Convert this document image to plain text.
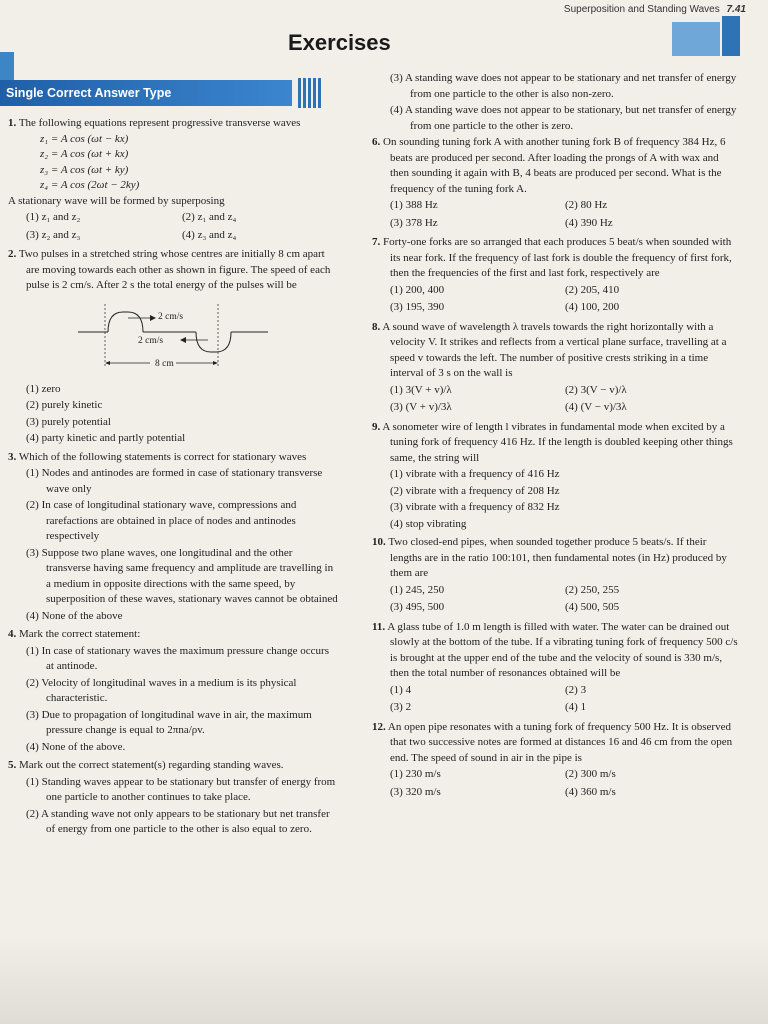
Superposition and Standing Waves 7.41
Exercises
Single Correct Answer Type
1. The following equations represent progressive transverse waves
z₁ = A cos (ωt − kx)
z₂ = A cos (ωt + kx)
z₃ = A cos (ωt + ky)
z₄ = A cos (2ωt − 2ky)
A stationary wave will be formed by superposing
(1) z₁ and z₂	(2) z₁ and z₄
(3) z₂ and z₃	(4) z₃ and z₄
2. Two pulses in a stretched string whose centres are initially 8 cm apart are moving towards each other as shown in figure. The speed of each pulse is 2 cm/s. After 2 s the total energy of the pulses will be
2 cm/s
2 cm/s
8 cm
(1) zero
(2) purely kinetic
(3) purely potential
(4) party kinetic and partly potential
3. Which of the following statements is correct for stationary waves
(1) Nodes and antinodes are formed in case of stationary transverse wave only
(2) In case of longitudinal stationary wave, compressions and rarefactions are obtained in place of nodes and antinodes respectively
(3) Suppose two plane waves, one longitudinal and the other transverse having same frequency and amplitude are travelling in a medium in opposite directions with the same speed, by superposition of these waves, stationary waves cannot be obtained
(4) None of the above
4. Mark the correct statement:
(1) In case of stationary waves the maximum pressure change occurs at antinode.
(2) Velocity of longitudinal waves in a medium is its physical characteristic.
(3) Due to propagation of longitudinal wave in air, the maximum pressure change is equal to 2πna/ρv.
(4) None of the above.
5. Mark out the correct statement(s) regarding standing waves.
(1) Standing waves appear to be stationary but transfer of energy from one particle to another continues to take place.
(2) A standing wave not only appears to be stationary but net transfer of energy from one particle to the other is also equal to zero.
(3) A standing wave does not appear to be stationary and net transfer of energy from one particle to the other is also non-zero.
(4) A standing wave does not appear to be stationary, but net transfer of energy from one particle to the other is zero.
6. On sounding tuning fork A with another tuning fork B of frequency 384 Hz, 6 beats are produced per second. After loading the prongs of A with wax and then sounding it again with B, 4 beats are produced per second. What is the frequency of the tuning fork A.
(1) 388 Hz	(2) 80 Hz
(3) 378 Hz	(4) 390 Hz
7. Forty-one forks are so arranged that each produces 5 beat/s when sounded with its near fork. If the frequency of last fork is double the frequency of first fork, then the frequencies of the first and last fork, respectively are
(1) 200, 400	(2) 205, 410
(3) 195, 390	(4) 100, 200
8. A sound wave of wavelength λ travels towards the right horizontally with a velocity V. It strikes and reflects from a vertical plane surface, travelling at a speed v towards the left. The number of positive crests striking in a time interval of 3 s on the wall is
(1) 3(V + v)/λ	(2) 3(V − v)/λ
(3) (V + v)/3λ	(4) (V − v)/3λ
9. A sonometer wire of length l vibrates in fundamental mode when excited by a tuning fork of frequency 416 Hz. If the length is doubled keeping other things same, the string will
(1) vibrate with a frequency of 416 Hz
(2) vibrate with a frequency of 208 Hz
(3) vibrate with a frequency of 832 Hz
(4) stop vibrating
10. Two closed-end pipes, when sounded together produce 5 beats/s. If their lengths are in the ratio 100:101, then fundamental notes (in Hz) produced by them are
(1) 245, 250	(2) 250, 255
(3) 495, 500	(4) 500, 505
11. A glass tube of 1.0 m length is filled with water. The water can be drained out slowly at the bottom of the tube. If a vibrating tuning fork of frequency 500 c/s is brought at the upper end of the tube and the velocity of sound is 330 m/s, then the total number of resonances obtained will be
(1) 4	(2) 3
(3) 2	(4) 1
12. An open pipe resonates with a tuning fork of frequency 500 Hz. It is observed that two successive notes are formed at distances 16 and 46 cm from the open end. The speed of sound in air in the pipe is
(1) 230 m/s	(2) 300 m/s
(3) 320 m/s	(4) 360 m/s
